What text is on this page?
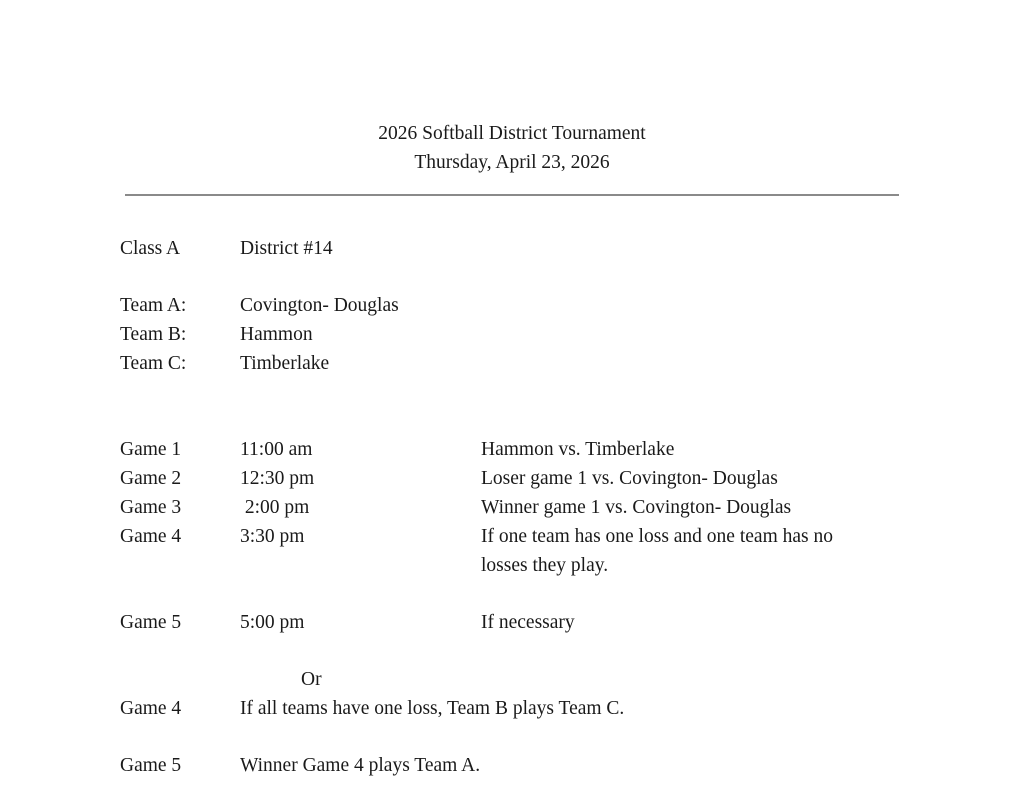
2026 Softball District Tournament
Thursday, April 23, 2026
Class A	District #14
Team A:	Covington- Douglas
Team B:	Hammon
Team C:	Timberlake
Game 1	11:00 am	Hammon vs. Timberlake
Game 2	12:30 pm	Loser game 1 vs. Covington- Douglas
Game 3	2:00 pm	Winner game 1 vs. Covington- Douglas
Game 4	3:30 pm	If one team has one loss and one team has no
losses they play.
Game 5	5:00 pm	If necessary
Or
Game 4	If all teams have one loss, Team B plays Team C.
Game 5	Winner Game 4 plays Team A.
